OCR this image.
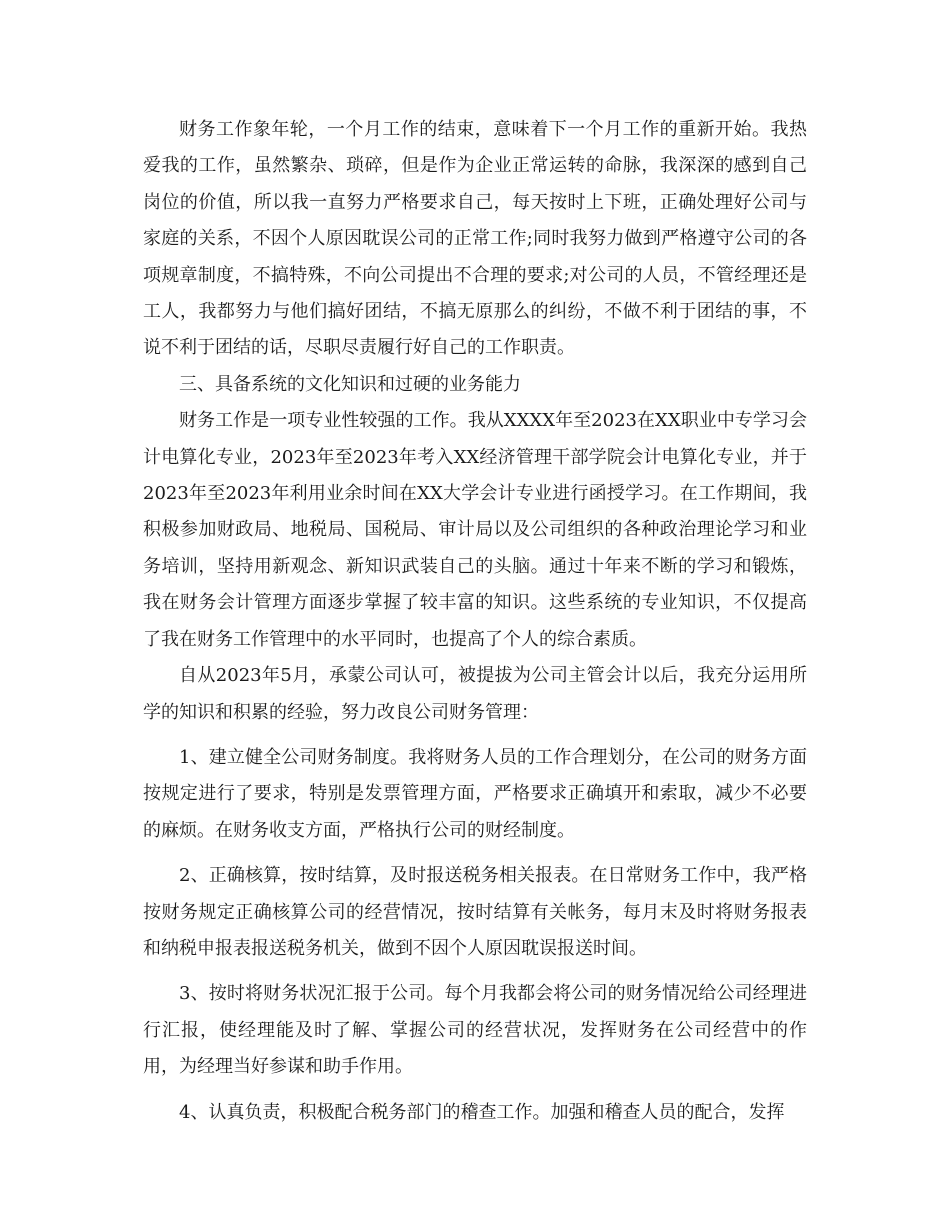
财务工作象年轮，一个月工作的结束，意味着下一个月工作的重新开始。我热爱我的工作，虽然繁杂、琐碎，但是作为企业正常运转的命脉，我深深的感到自己岗位的价值，所以我一直努力严格要求自己，每天按时上下班，正确处理好公司与家庭的关系，不因个人原因耽误公司的正常工作;同时我努力做到严格遵守公司的各项规章制度，不搞特殊，不向公司提出不合理的要求;对公司的人员，不管经理还是工人，我都努力与他们搞好团结，不搞无原那么的纠纷，不做不利于团结的事，不说不利于团结的话，尽职尽责履行好自己的工作职责。

三、具备系统的文化知识和过硬的业务能力

财务工作是一项专业性较强的工作。我从XXXX年至2023在XX职业中专学习会计电算化专业，2023年至2023年考入XX经济管理干部学院会计电算化专业，并于2023年至2023年利用业余时间在XX大学会计专业进行函授学习。在工作期间，我积极参加财政局、地税局、国税局、审计局以及公司组织的各种政治理论学习和业务培训，坚持用新观念、新知识武装自己的头脑。通过十年来不断的学习和锻炼，我在财务会计管理方面逐步掌握了较丰富的知识。这些系统的专业知识，不仅提高了我在财务工作管理中的水平同时，也提高了个人的综合素质。

自从2023年5月，承蒙公司认可，被提拔为公司主管会计以后，我充分运用所学的知识和积累的经验，努力改良公司财务管理：

1、建立健全公司财务制度。我将财务人员的工作合理划分，在公司的财务方面按规定进行了要求，特别是发票管理方面，严格要求正确填开和索取，减少不必要的麻烦。在财务收支方面，严格执行公司的财经制度。

2、正确核算，按时结算，及时报送税务相关报表。在日常财务工作中，我严格按财务规定正确核算公司的经营情况，按时结算有关帐务，每月末及时将财务报表和纳税申报表报送税务机关，做到不因个人原因耽误报送时间。

3、按时将财务状况汇报于公司。每个月我都会将公司的财务情况给公司经理进行汇报，使经理能及时了解、掌握公司的经营状况，发挥财务在公司经营中的作用，为经理当好参谋和助手作用。

4、认真负责，积极配合税务部门的稽查工作。加强和稽查人员的配合，发挥
